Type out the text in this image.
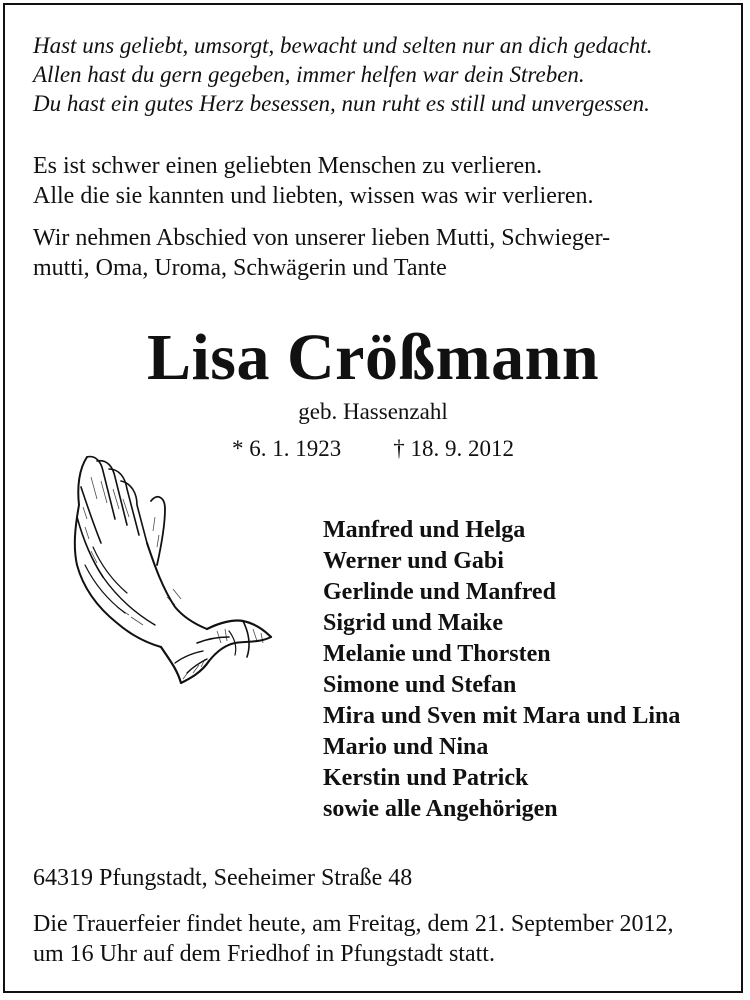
Hast uns geliebt, umsorgt, bewacht und selten nur an dich gedacht.
Allen hast du gern gegeben, immer helfen war dein Streben.
Du hast ein gutes Herz besessen, nun ruht es still und unvergessen.
Es ist schwer einen geliebten Menschen zu verlieren.
Alle die sie kannten und liebten, wissen was wir verlieren.
Wir nehmen Abschied von unserer lieben Mutti, Schwieger-
mutti, Oma, Uroma, Schwägerin und Tante
Lisa Crößmann
geb. Hassenzahl
* 6. 1. 1923 † 18. 9. 2012
Manfred und Helga
Werner und Gabi
Gerlinde und Manfred
Sigrid und Maike
Melanie und Thorsten
Simone und Stefan
Mira und Sven mit Mara und Lina
Mario und Nina
Kerstin und Patrick
sowie alle Angehörigen
64319 Pfungstadt, Seeheimer Straße 48
Die Trauerfeier findet heute, am Freitag, dem 21. September 2012,
um 16 Uhr auf dem Friedhof in Pfungstadt statt.
